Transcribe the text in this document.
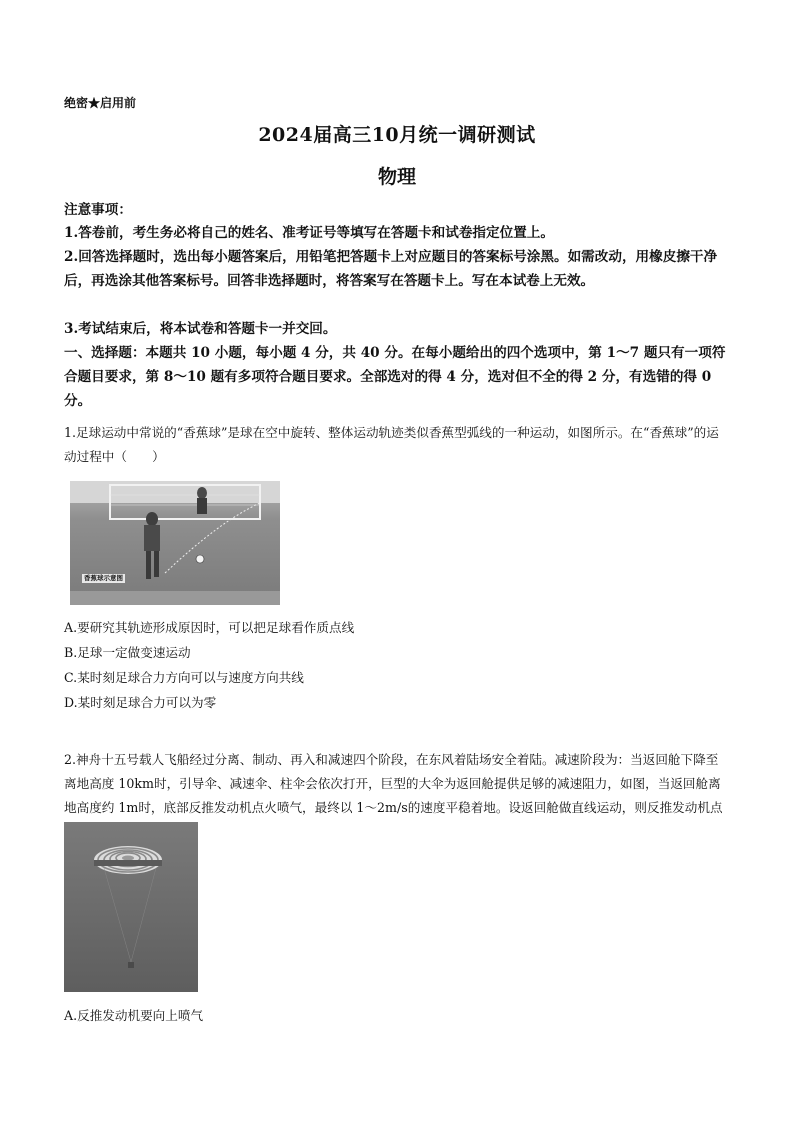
绝密★启用前
2024届高三10月统一调研测试
物理
注意事项：
1.答卷前，考生务必将自己的姓名、准考证号等填写在答题卡和试卷指定位置上。
2.回答选择题时，选出每小题答案后，用铅笔把答题卡上对应题目的答案标号涂黑。如需改动，用橡皮擦干净后，再选涂其他答案标号。回答非选择题时，将答案写在答题卡上。写在本试卷上无效。
3.考试结束后，将本试卷和答题卡一并交回。
一、选择题：本题共 10 小题，每小题 4 分，共 40 分。在每小题给出的四个选项中，第 1～7 题只有一项符合题目要求，第 8～10 题有多项符合题目要求。全部选对的得 4 分，选对但不全的得 2 分，有选错的得 0 分。
1.足球运动中常说的“香蕉球”是球在空中旋转、整体运动轨迹类似香蕉型弧线的一种运动，如图所示。在“香蕉球”的运动过程中（　　）
香蕉球示意图
A.要研究其轨迹形成原因时，可以把足球看作质点线
B.足球一定做变速运动
C.某时刻足球合力方向可以与速度方向共线
D.某时刻足球合力可以为零
2.神舟十五号载人飞船经过分离、制动、再入和减速四个阶段，在东风着陆场安全着陆。减速阶段为：当返回舱下降至离地高度 10km时，引导伞、减速伞、柱伞会依次打开，巨型的大伞为返回舱提供足够的减速阻力，如图，当返回舱离地高度约 1m时，底部反推发动机点火喷气，最终以 1～2m/s的速度平稳着地。设返回舱做直线运动，则反推发动机点　　
A.反推发动机要向上喷气
